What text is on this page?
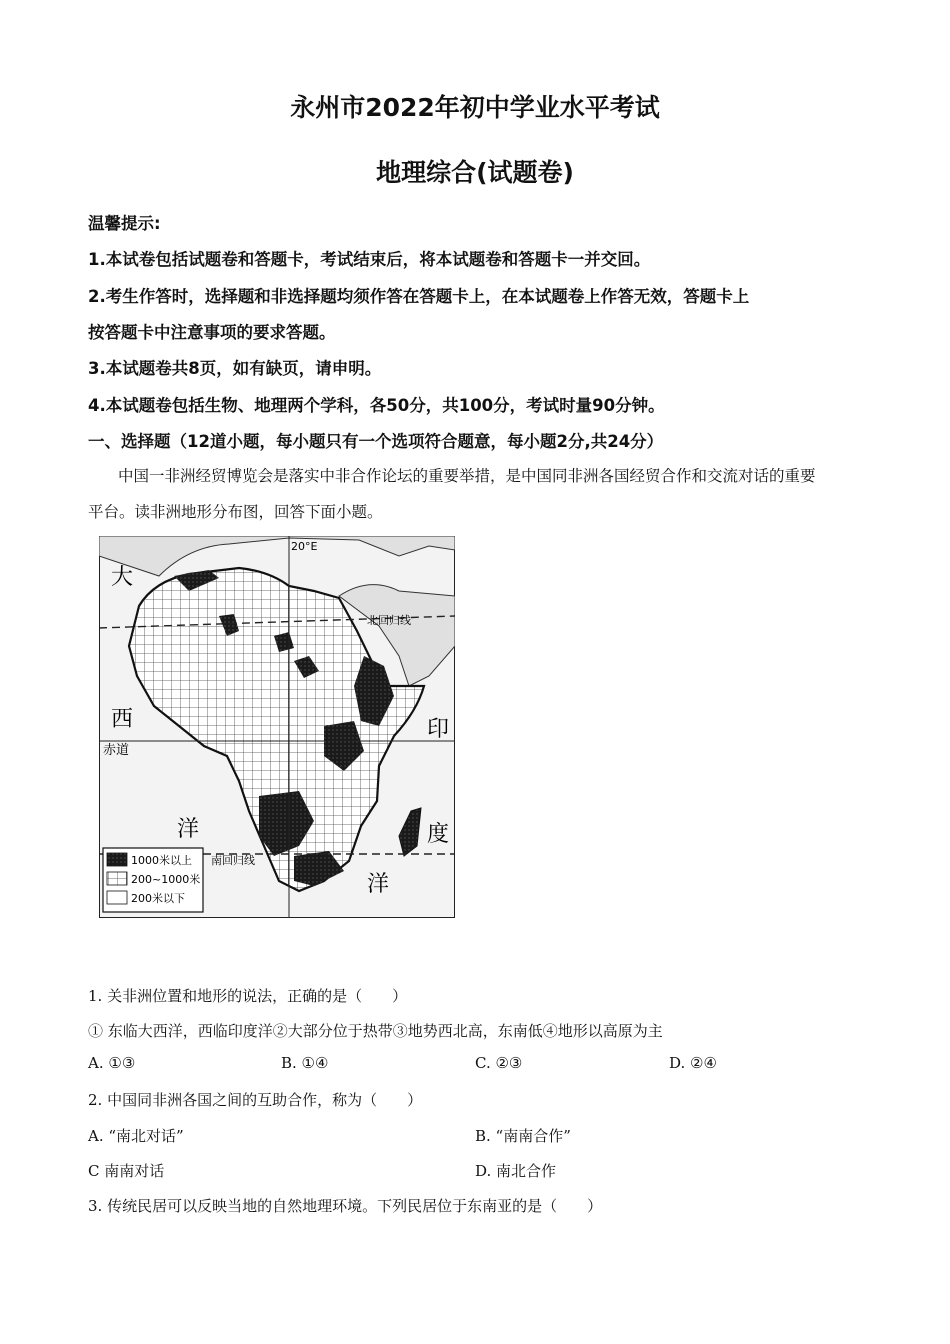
永州市2022年初中学业水平考试
地理综合(试题卷)
温馨提示:
1.本试卷包括试题卷和答题卡，考试结束后，将本试题卷和答题卡一并交回。
2.考生作答时，选择题和非选择题均须作答在答题卡上，在本试题卷上作答无效，答题卡上
按答题卡中注意事项的要求答题。
3.本试题卷共8页，如有缺页，请申明。
4.本试题卷包括生物、地理两个学科，各50分，共100分，考试时量90分钟。
一、选择题（12道小题，每小题只有一个选项符合题意，每小题2分,共24分）
中国一非洲经贸博览会是落实中非合作论坛的重要举措，是中国同非洲各国经贸合作和交流对话的重要
平台。读非洲地形分布图，回答下面小题。
大
西
洋
印
度
洋
赤道
20°E
北回归线
南回归线
1000米以上
200~1000米
200米以下
1. 关非洲位置和地形的说法，正确的是（　　）
① 东临大西洋，西临印度洋②大部分位于热带③地势西北高，东南低④地形以高原为主
A. ①③	B. ①④	C. ②③	D. ②④
2. 中国同非洲各国之间的互助合作，称为（　　）
A. “南北对话”	B. “南南合作”
C 南南对话	D. 南北合作
3. 传统民居可以反映当地的自然地理环境。下列民居位于东南亚的是（　　）
